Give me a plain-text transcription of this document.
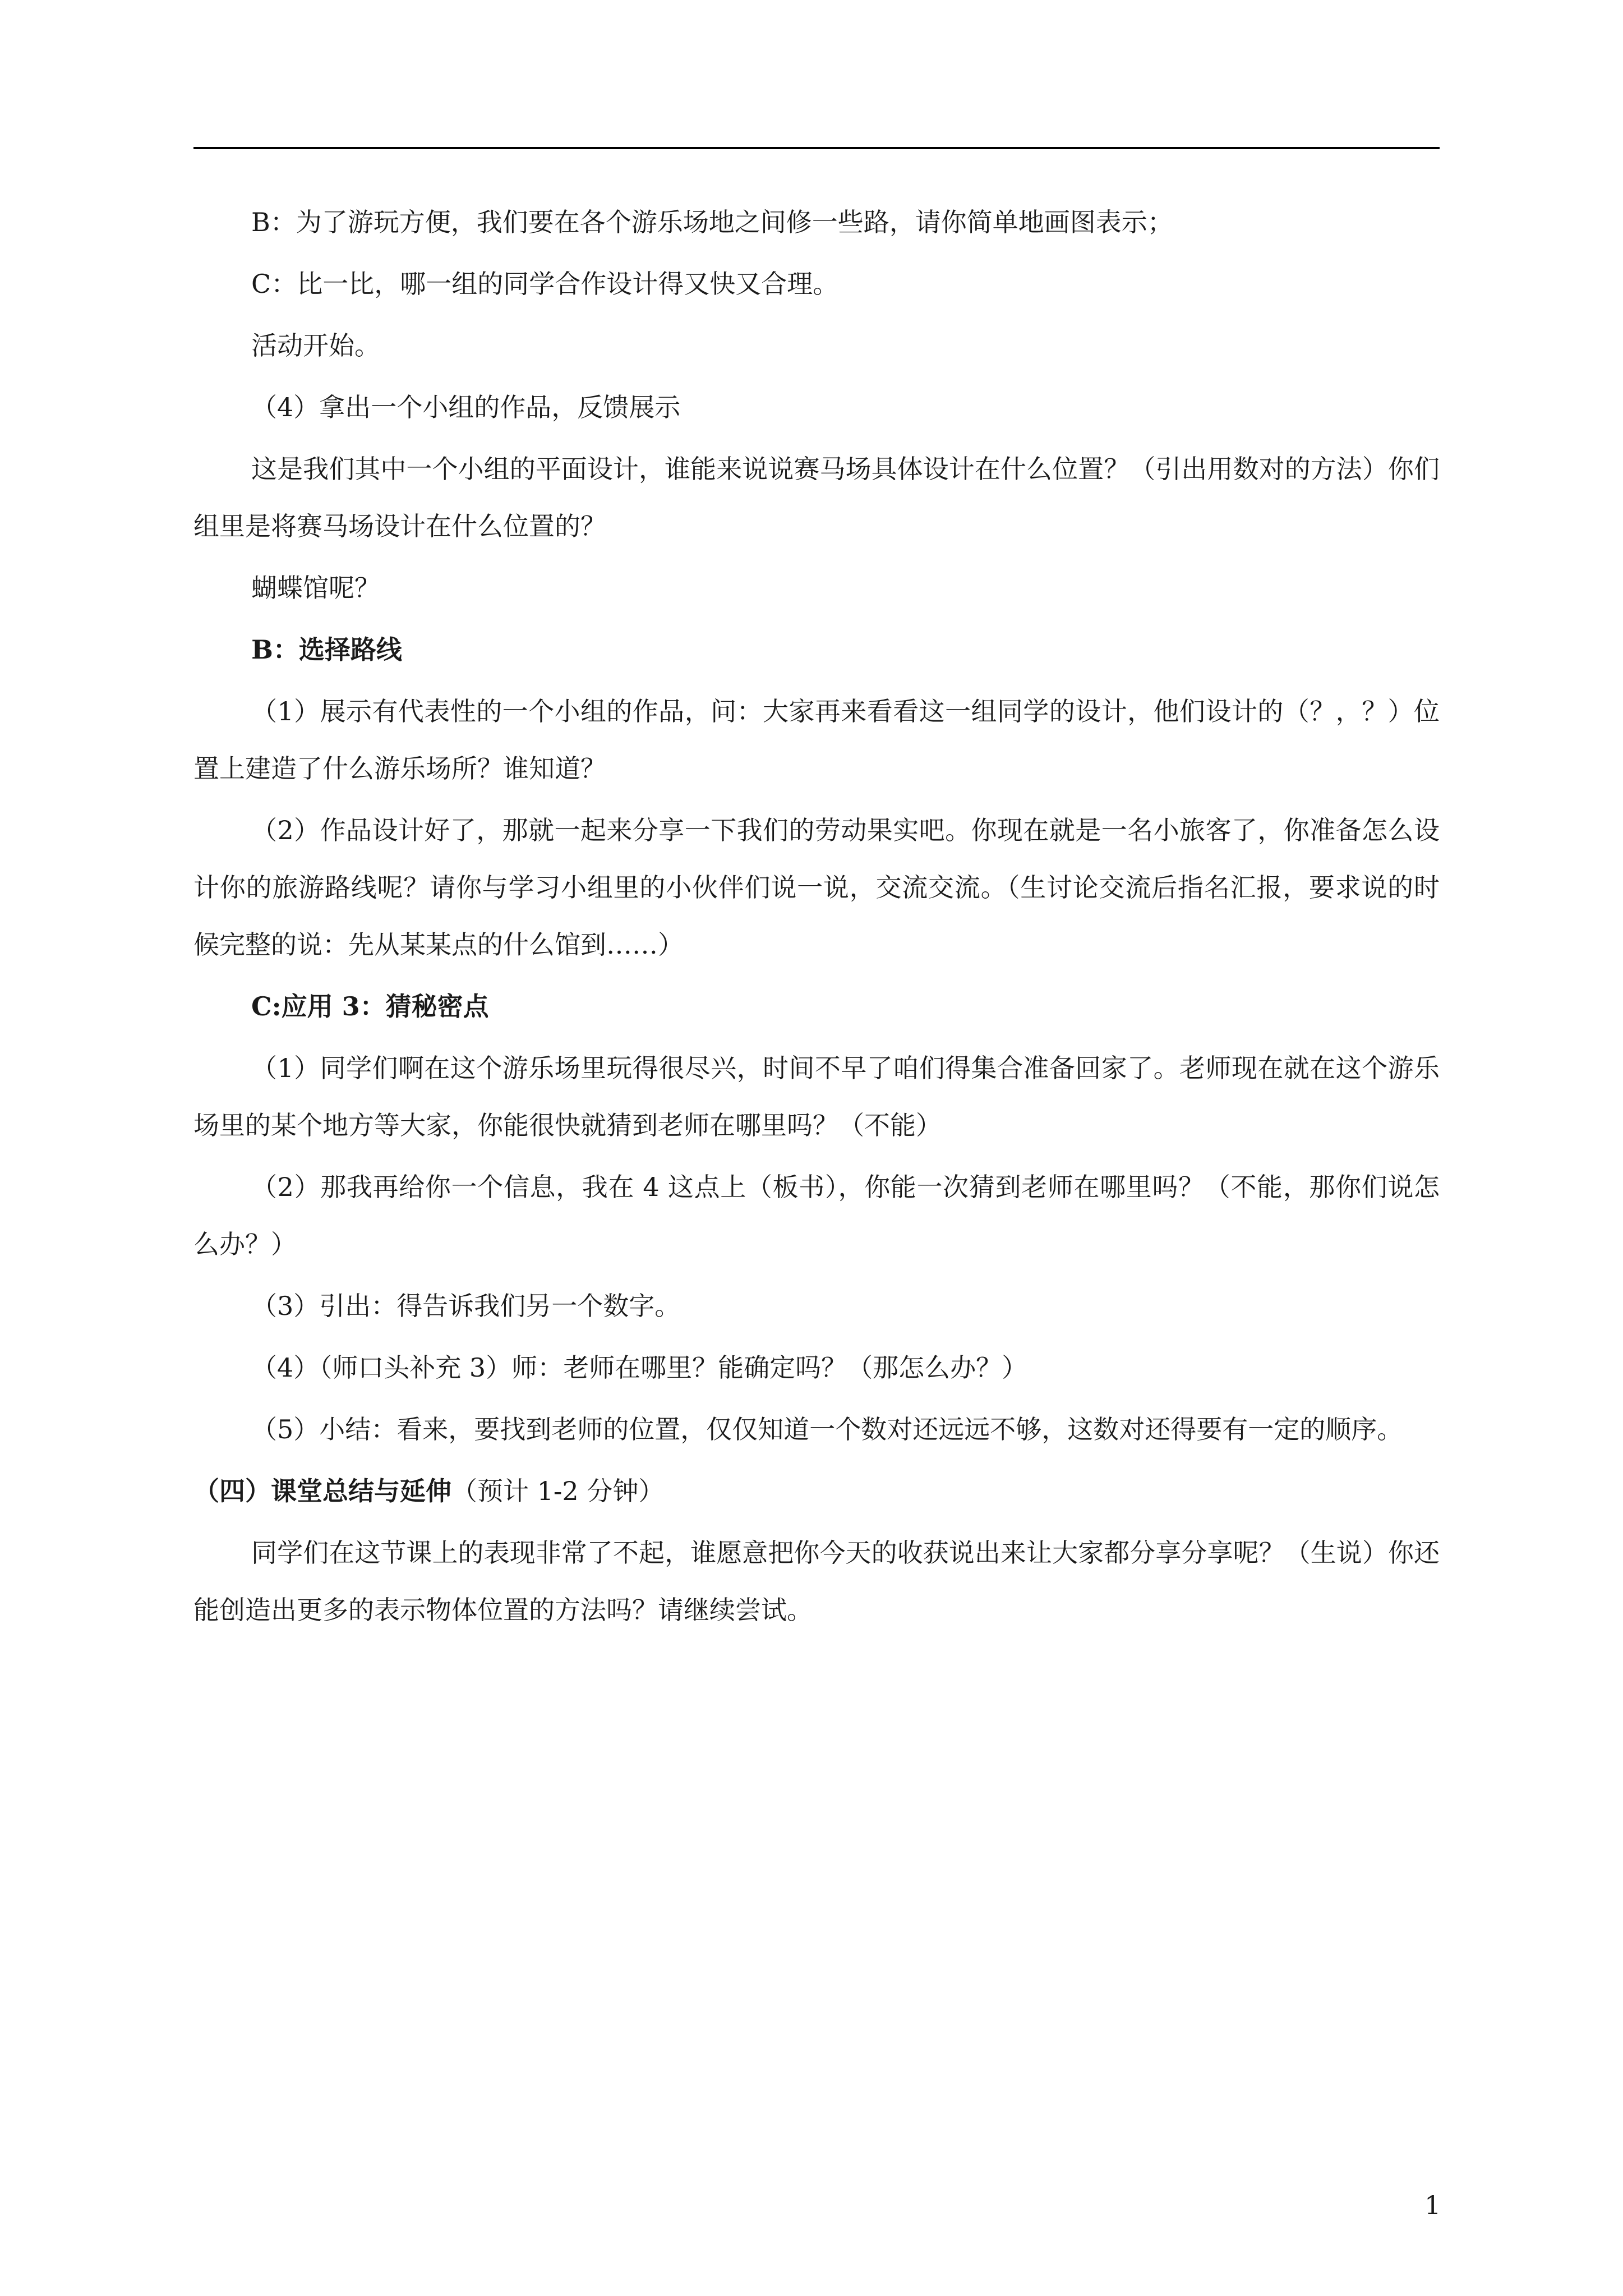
B：为了游玩方便，我们要在各个游乐场地之间修一些路，请你简单地画图表示；

C：比一比，哪一组的同学合作设计得又快又合理。

活动开始。

（4）拿出一个小组的作品，反馈展示

这是我们其中一个小组的平面设计，谁能来说说赛马场具体设计在什么位置？（引出用数对的方法）你们组里是将赛马场设计在什么位置的？

蝴蝶馆呢？

B：选择路线

（1）展示有代表性的一个小组的作品，问：大家再来看看这一组同学的设计，他们设计的（？，？）位置上建造了什么游乐场所？谁知道？

（2）作品设计好了，那就一起来分享一下我们的劳动果实吧。你现在就是一名小旅客了，你准备怎么设计你的旅游路线呢？请你与学习小组里的小伙伴们说一说，交流交流。（生讨论交流后指名汇报，要求说的时候完整的说：先从某某点的什么馆到……）

C:应用 3：猜秘密点

（1）同学们啊在这个游乐场里玩得很尽兴，时间不早了咱们得集合准备回家了。老师现在就在这个游乐场里的某个地方等大家，你能很快就猜到老师在哪里吗？（不能）

（2）那我再给你一个信息，我在 4 这点上（板书），你能一次猜到老师在哪里吗？（不能，那你们说怎么办？）

（3）引出：得告诉我们另一个数字。

（4）（师口头补充 3）师：老师在哪里？能确定吗？（那怎么办？）

（5）小结：看来，要找到老师的位置，仅仅知道一个数对还远远不够，这数对还得要有一定的顺序。

（四）课堂总结与延伸（预计 1-2 分钟）

同学们在这节课上的表现非常了不起，谁愿意把你今天的收获说出来让大家都分享分享呢？（生说）你还能创造出更多的表示物体位置的方法吗？请继续尝试。

1
